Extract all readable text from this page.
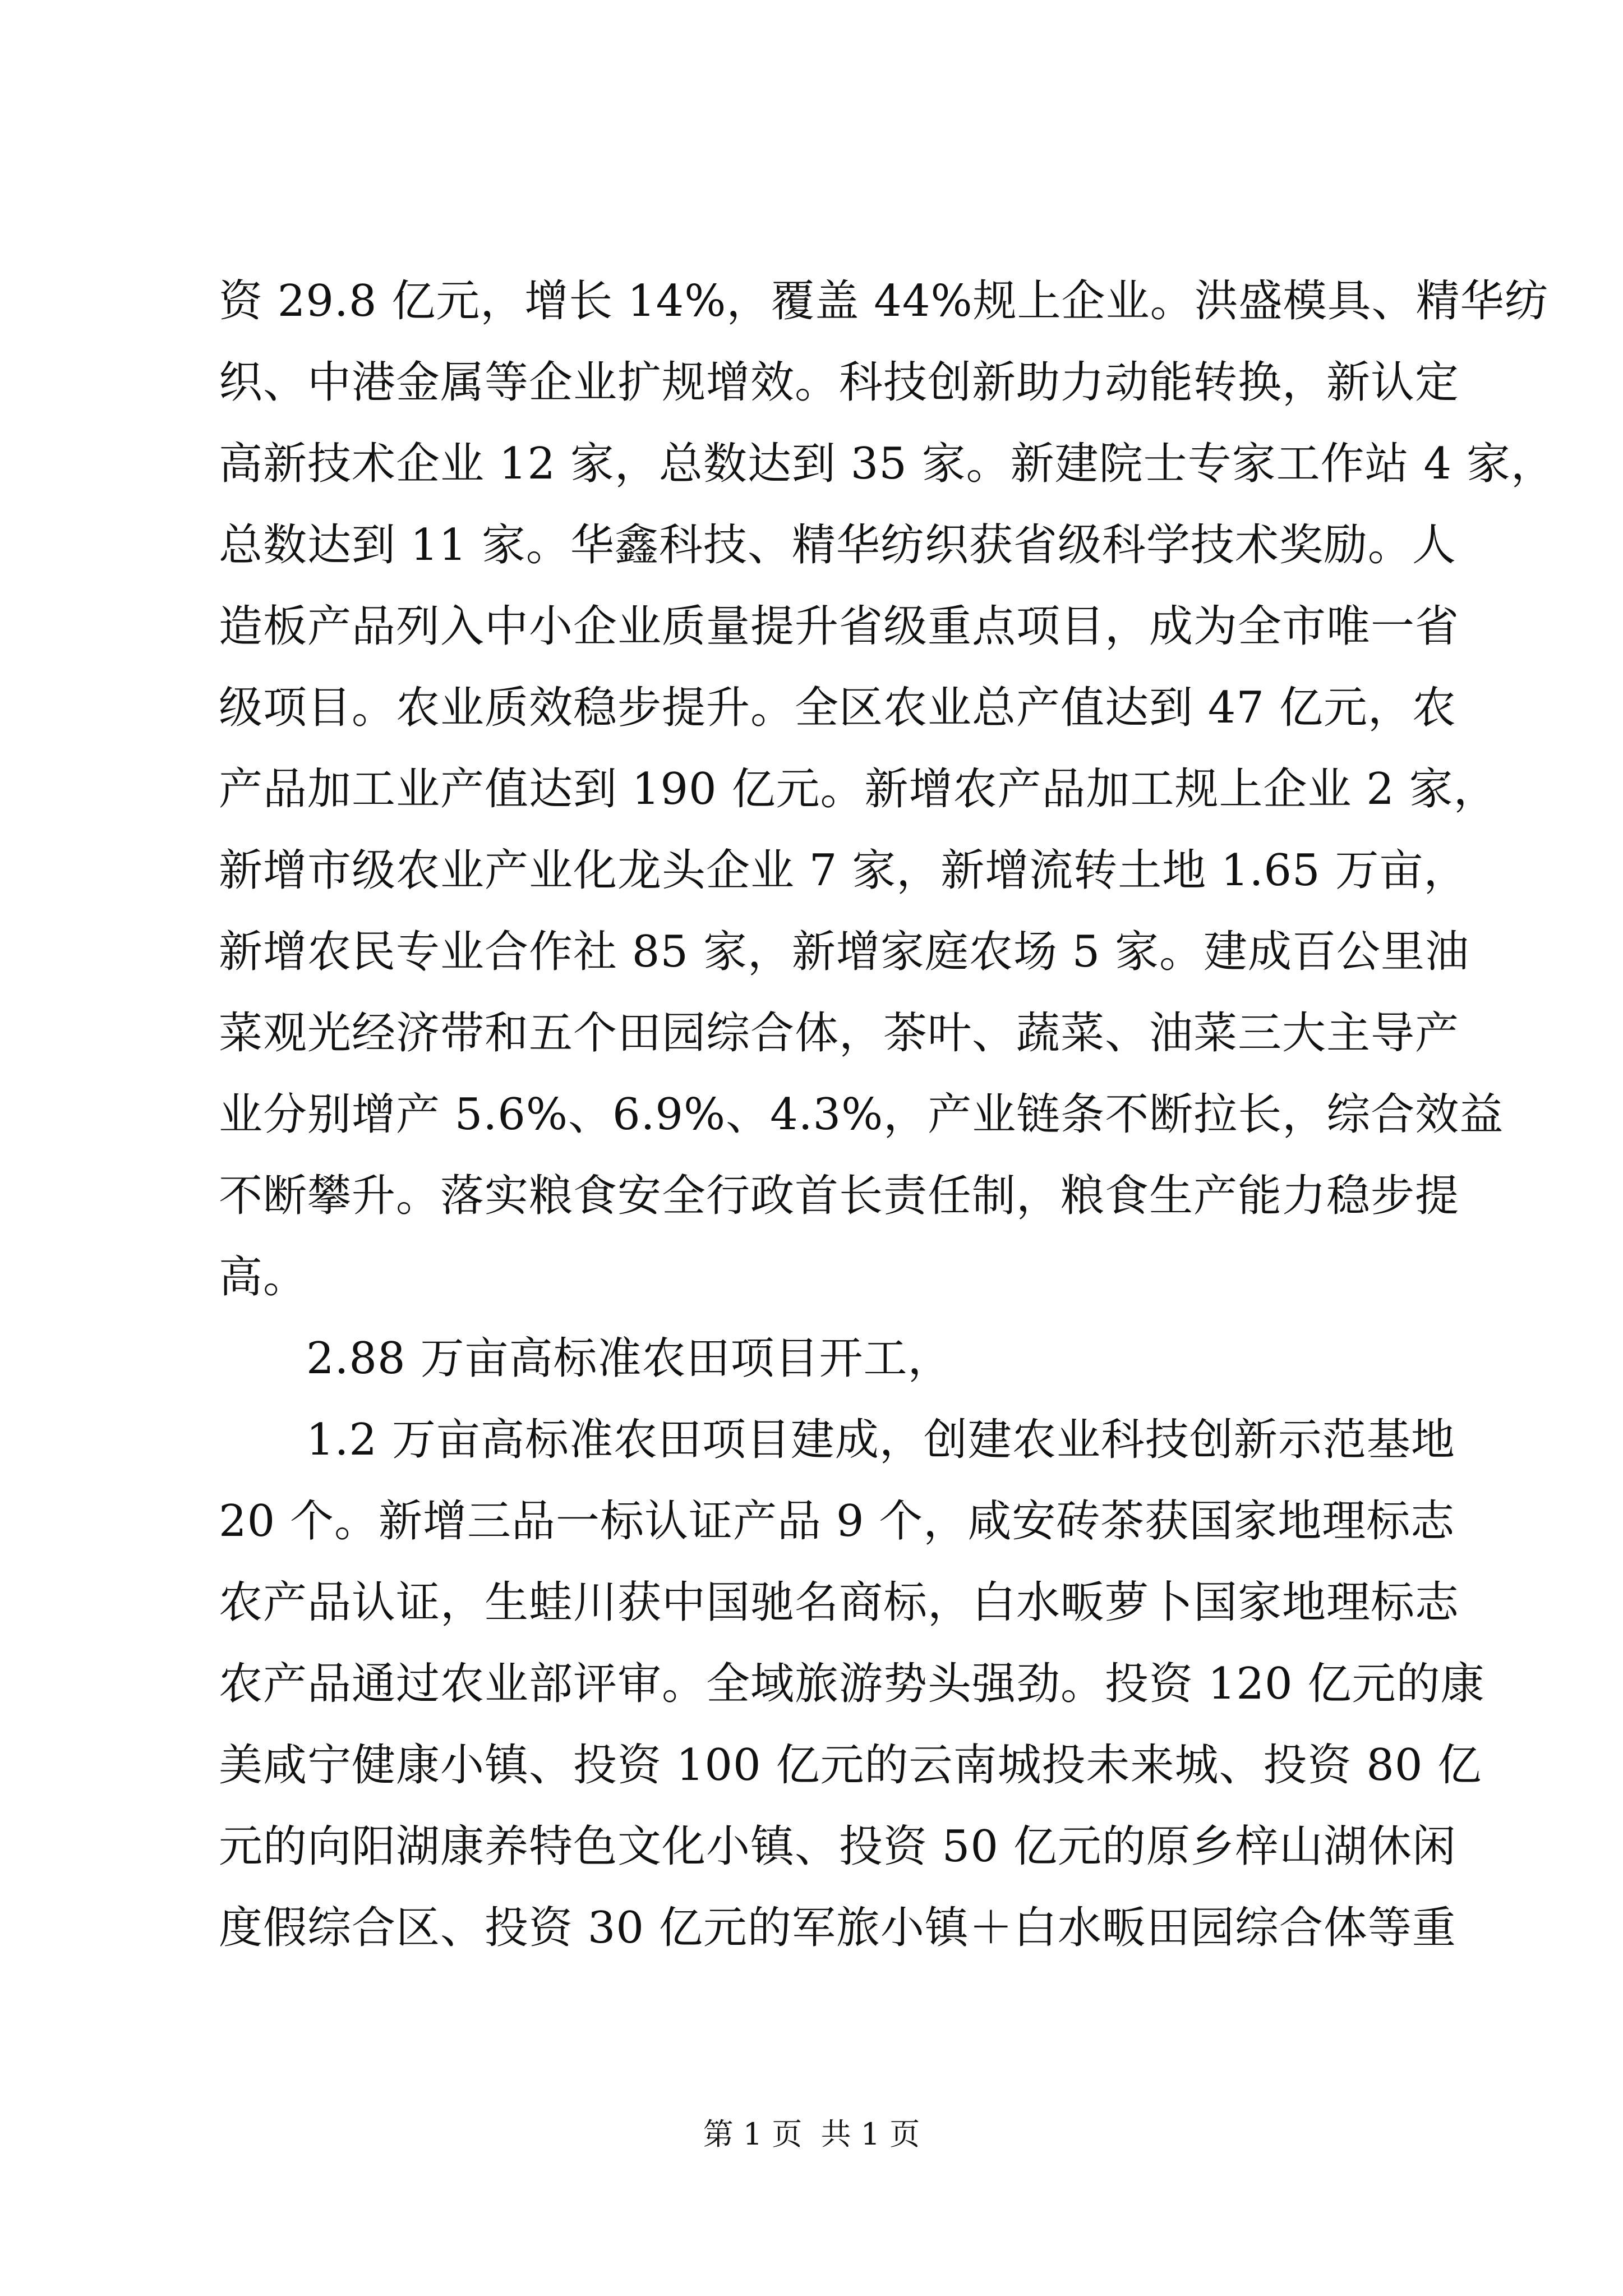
资 29.8 亿元，增长 14%，覆盖 44%规上企业。洪盛模具、精华纺
织、中港金属等企业扩规增效。科技创新助力动能转换，新认定
高新技术企业 12 家，总数达到 35 家。新建院士专家工作站 4 家，
总数达到 11 家。华鑫科技、精华纺织获省级科学技术奖励。人
造板产品列入中小企业质量提升省级重点项目，成为全市唯一省
级项目。农业质效稳步提升。全区农业总产值达到 47 亿元，农
产品加工业产值达到 190 亿元。新增农产品加工规上企业 2 家，
新增市级农业产业化龙头企业 7 家，新增流转土地 1.65 万亩，
新增农民专业合作社 85 家，新增家庭农场 5 家。建成百公里油
菜观光经济带和五个田园综合体，茶叶、蔬菜、油菜三大主导产
业分别增产 5.6%、6.9%、4.3%，产业链条不断拉长，综合效益
不断攀升。落实粮食安全行政首长责任制，粮食生产能力稳步提
高。
2.88 万亩高标准农田项目开工，
1.2 万亩高标准农田项目建成，创建农业科技创新示范基地
20 个。新增三品一标认证产品 9 个，咸安砖茶获国家地理标志
农产品认证，生蛙川获中国驰名商标，白水畈萝卜国家地理标志
农产品通过农业部评审。全域旅游势头强劲。投资 120 亿元的康
美咸宁健康小镇、投资 100 亿元的云南城投未来城、投资 80 亿
元的向阳湖康养特色文化小镇、投资 50 亿元的原乡梓山湖休闲
度假综合区、投资 30 亿元的军旅小镇＋白水畈田园综合体等重
第 1 页 共 1 页
